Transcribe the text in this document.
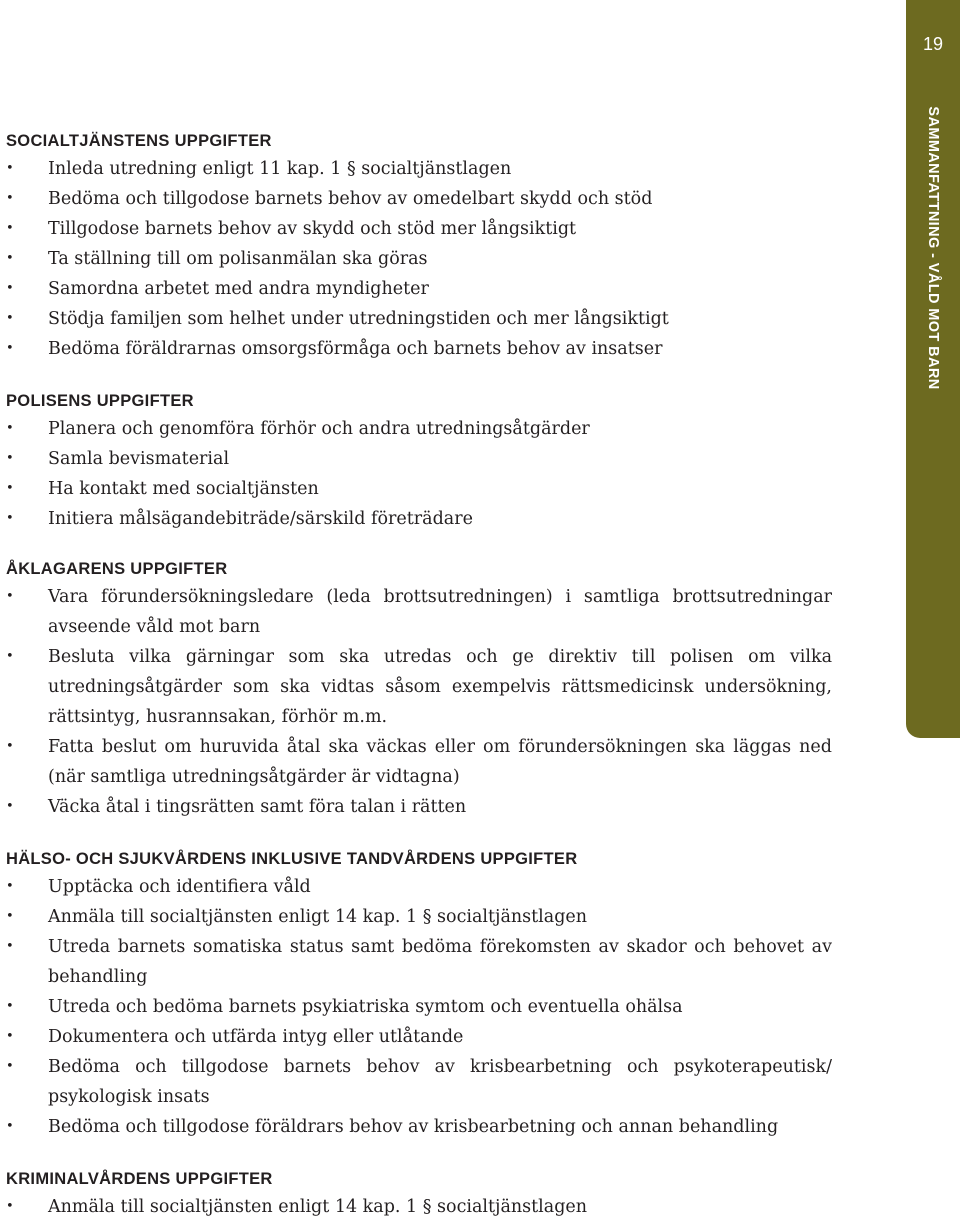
19
SAMMANFATTNING - VÅLD MOT BARN
SOCIALTJÄNSTENS UPPGIFTER
• Inleda utredning enligt 11 kap. 1 § socialtjänstlagen
• Bedöma och tillgodose barnets behov av omedelbart skydd och stöd
• Tillgodose barnets behov av skydd och stöd mer långsiktigt
• Ta ställning till om polisanmälan ska göras
• Samordna arbetet med andra myndigheter
• Stödja familjen som helhet under utredningstiden och mer långsiktigt
• Bedöma föräldrarnas omsorgsförmåga och barnets behov av insatser
POLISENS UPPGIFTER
• Planera och genomföra förhör och andra utredningsåtgärder
• Samla bevismaterial
• Ha kontakt med socialtjänsten
• Initiera målsägandebiträde/särskild företrädare
ÅKLAGARENS UPPGIFTER
• Vara förundersökningsledare (leda brottsutredningen) i samtliga brottsutredningar avseende våld mot barn
• Besluta vilka gärningar som ska utredas och ge direktiv till polisen om vilka utredningsåtgärder som ska vidtas såsom exempelvis rättsmedicinsk undersökning, rättsintyg, husrannsakan, förhör m.m.
• Fatta beslut om huruvida åtal ska väckas eller om förundersökningen ska läggas ned (när samtliga utredningsåtgärder är vidtagna)
• Väcka åtal i tingsrätten samt föra talan i rätten
HÄLSO- OCH SJUKVÅRDENS INKLUSIVE TANDVÅRDENS UPPGIFTER
• Upptäcka och identifiera våld
• Anmäla till socialtjänsten enligt 14 kap. 1 § socialtjänstlagen
• Utreda barnets somatiska status samt bedöma förekomsten av skador och behovet av behandling
• Utreda och bedöma barnets psykiatriska symtom och eventuella ohälsa
• Dokumentera och utfärda intyg eller utlåtande
• Bedöma och tillgodose barnets behov av krisbearbetning och psykoterapeutisk/ psykologisk insats
• Bedöma och tillgodose föräldrars behov av krisbearbetning och annan behandling
KRIMINALVÅRDENS UPPGIFTER
• Anmäla till socialtjänsten enligt 14 kap. 1 § socialtjänstlagen
